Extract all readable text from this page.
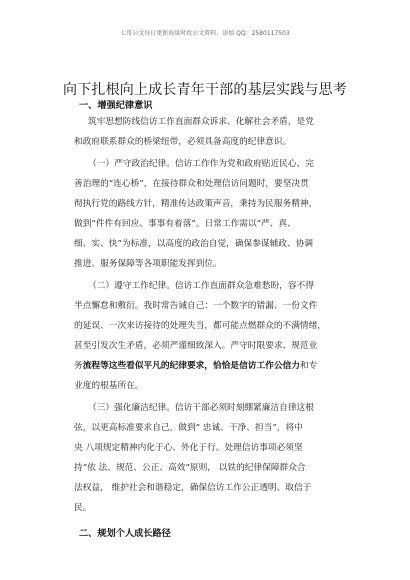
七哥公文每日更新海量时政公文资料，添加 QQ：2580117503
向下扎根向上成长青年干部的基层实践与思考
一、增强纪律意识
筑牢思想防线信访工作直面群众诉求、化解社会矛盾，是党
和政府联系群众的桥梁纽带，必须具备高度的纪律意识。
（一）严守政治纪律。信访工作作为党和政府贴近民心、完
善治理的“连心桥”，在接待群众和处理信访问题时，要坚决贯
彻执行党的路线方针，精准传达政策声音，秉持为民服务精神，
做到“件件有回应、事事有着落”。日常工作需以“严、真、
细、实、快”为标准，以高度的政治自觉，确保参谋辅政、协调
推进、服务保障等各项职能发挥到位。
（二）遵守工作纪律。信访工作直面群众急难愁盼，容不得
半点懈怠和敷衍。我时常告诫自己：一个数字的错漏、一份文件
的延误、一次来访接待的处理失当，都可能点燃群众的不满情绪，
甚至引发次生矛盾，必须严谨细致深入。严守时限要求、规范业
务流程等这些看似平凡的纪律要求，恰恰是信访工作公信力和专
业度的根基所在。
（三）强化廉洁纪律。信访干部必须时刻绷紧廉洁自律这根
弦，以更高标准要求自己，做到“ 忠诚、干净、担当”，将中
央 八项规定精神内化于心、外化于行。处理信访事项必须坚
持“依 法、规范、公正、高效”原则， 以铁的纪律保障群众合
法权益， 维护社会和谐稳定，确保信访工作公正透明、取信于
民。
二、规划个人成长路径
